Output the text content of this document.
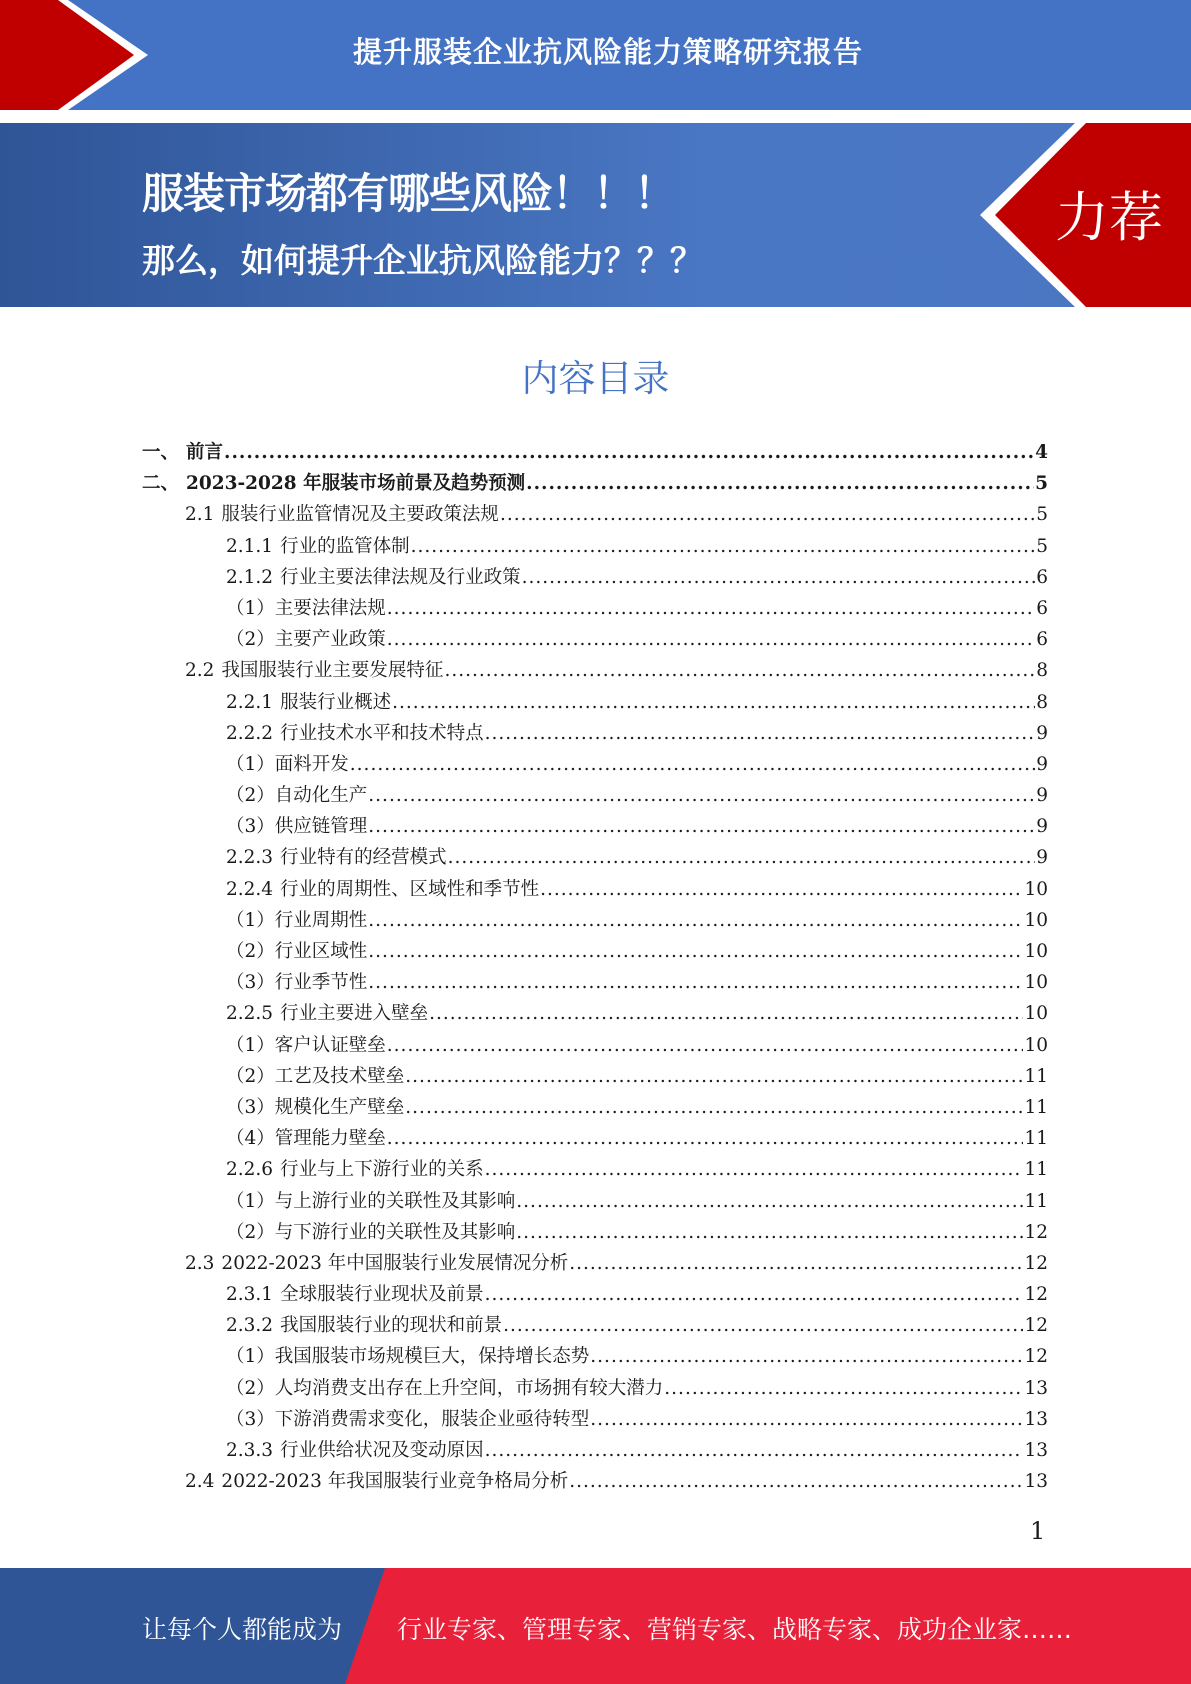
提升服装企业抗风险能力策略研究报告
服装市场都有哪些风险！！！
那么，如何提升企业抗风险能力？？？
力荐
内容目录
一、 前言 .....	4
二、 2023-2028 年服装市场前景及趋势预测 .....	5
2.1 服装行业监管情况及主要政策法规 .....	5
2.1.1 行业的监管体制 .....	5
2.1.2 行业主要法律法规及行业政策 .....	6
（1） 主要法律法规 .....	6
（2） 主要产业政策 .....	6
2.2 我国服装行业主要发展特征 .....	8
2.2.1 服装行业概述 .....	8
2.2.2 行业技术水平和技术特点 .....	9
（1） 面料开发 .....	9
（2） 自动化生产 .....	9
（3） 供应链管理 .....	9
2.2.3 行业特有的经营模式 .....	9
2.2.4 行业的周期性、区域性和季节性 .....	10
（1） 行业周期性 .....	10
（2） 行业区域性 .....	10
（3） 行业季节性 .....	10
2.2.5 行业主要进入壁垒 .....	10
（1） 客户认证壁垒 .....	10
（2） 工艺及技术壁垒 .....	11
（3） 规模化生产壁垒 .....	11
（4） 管理能力壁垒 .....	11
2.2.6 行业与上下游行业的关系 .....	11
（1） 与上游行业的关联性及其影响 .....	11
（2） 与下游行业的关联性及其影响 .....	12
2.3 2022-2023 年中国服装行业发展情况分析 .....	12
2.3.1 全球服装行业现状及前景 .....	12
2.3.2 我国服装行业的现状和前景 .....	12
（1） 我国服装市场规模巨大，保持增长态势 .....	12
（2） 人均消费支出存在上升空间，市场拥有较大潜力 .....	13
（3） 下游消费需求变化，服装企业亟待转型 .....	13
2.3.3 行业供给状况及变动原因 .....	13
2.4 2022-2023 年我国服装行业竞争格局分析 .....	13
1
让每个人都能成为 行业专家、管理专家、营销专家、战略专家、成功企业家……
